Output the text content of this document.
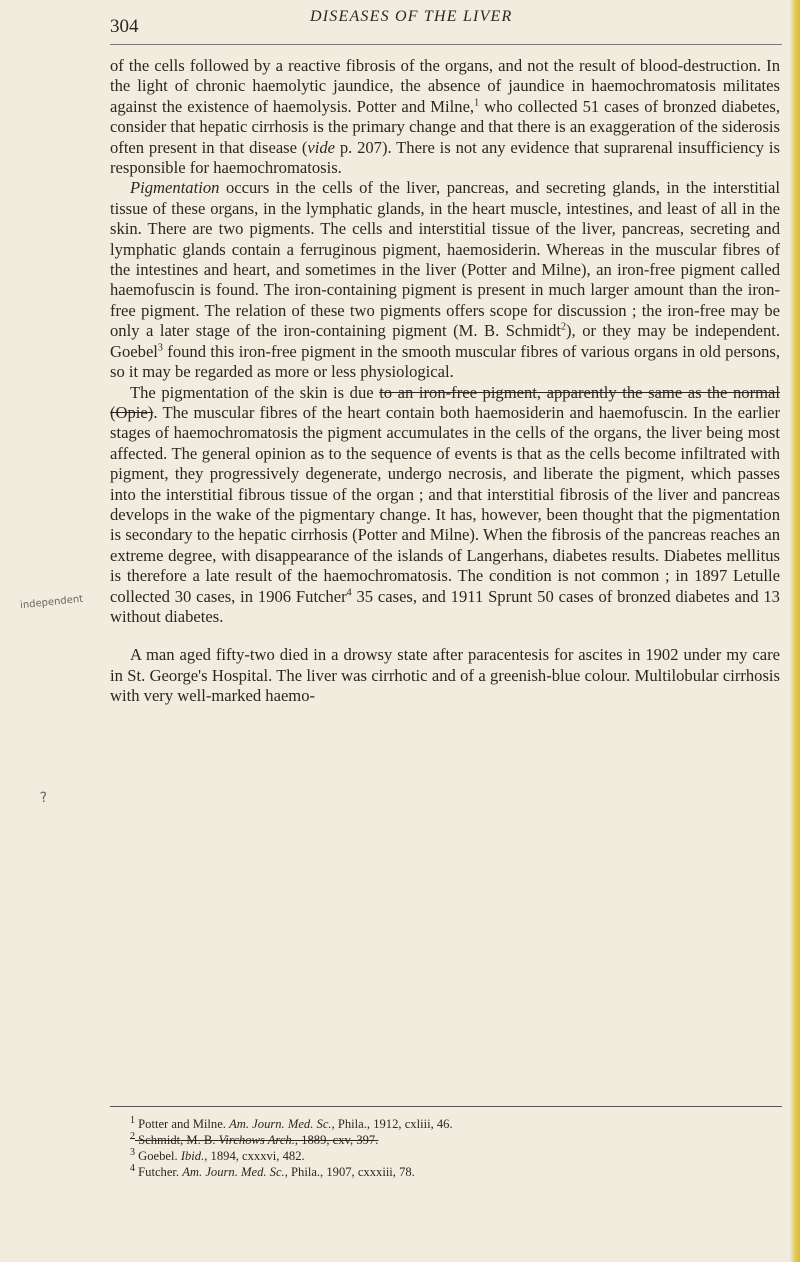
304	DISEASES OF THE LIVER
independent
?

of the cells followed by a reactive fibrosis of the organs, and not the result of blood-destruction. In the light of chronic haemolytic jaundice, the absence of jaundice in haemochromatosis militates against the existence of haemolysis. Potter and Milne,$^1$ who collected 51 cases of bronzed diabetes, consider that hepatic cirrhosis is the primary change and that there is an exaggeration of the siderosis often present in that disease (vide p. 207). There is not any evidence that suprarenal insufficiency is responsible for haemochromatosis.

Pigmentation occurs in the cells of the liver, pancreas, and secreting glands, in the interstitial tissue of these organs, in the lymphatic glands, in the heart muscle, intestines, and least of all in the skin. There are two pigments. The cells and interstitial tissue of the liver, pancreas, secreting and lymphatic glands contain a ferruginous pigment, haemosiderin. Whereas in the muscular fibres of the intestines and heart, and sometimes in the liver (Potter and Milne), an iron-free pigment called haemofuscin is found. The iron-containing pigment is present in much larger amount than the iron-free pigment. The relation of these two pigments offers scope for discussion ; the iron-free may be only a later stage of the iron-containing pigment (M. B. Schmidt$^2$), or they may be independent. Goebel$^3$ found this iron-free pigment in the smooth muscular fibres of various organs in old persons, so it may be regarded as more or less physiological.

The pigmentation of the skin is due to an iron-free pigment, apparently the same as the normal (Opie). The muscular fibres of the heart contain both haemosiderin and haemofuscin. In the earlier stages of haemochromatosis the pigment accumulates in the cells of the organs, the liver being most affected. The general opinion as to the sequence of events is that as the cells become infiltrated with pigment, they progressively degenerate, undergo necrosis, and liberate the pigment, which passes into the interstitial fibrous tissue of the organ ; and that interstitial fibrosis of the liver and pancreas develops in the wake of the pigmentary change. It has, however, been thought that the pigmentation is secondary to the hepatic cirrhosis (Potter and Milne). When the fibrosis of the pancreas reaches an extreme degree, with disappearance of the islands of Langerhans, diabetes results. Diabetes mellitus is therefore a late result of the haemochromatosis. The condition is not common ; in 1897 Letulle collected 30 cases, in 1906 Futcher$^4$ 35 cases, and 1911 Sprunt 50 cases of bronzed diabetes and 13 without diabetes.

A man aged fifty-two died in a drowsy state after paracentesis for ascites in 1902 under my care in St. George's Hospital. The liver was cirrhotic and of a greenish-blue colour. Multilobular cirrhosis with very well-marked haemo-

$^1$ Potter and Milne. Am. Journ. Med. Sc., Phila., 1912, cxliii, 46.
$^2$ Schmidt, M. B. Virchows Arch., 1889, cxv, 397.
$^3$ Goebel. Ibid., 1894, cxxxvi, 482.
$^4$ Futcher. Am. Journ. Med. Sc., Phila., 1907, cxxxiii, 78.
